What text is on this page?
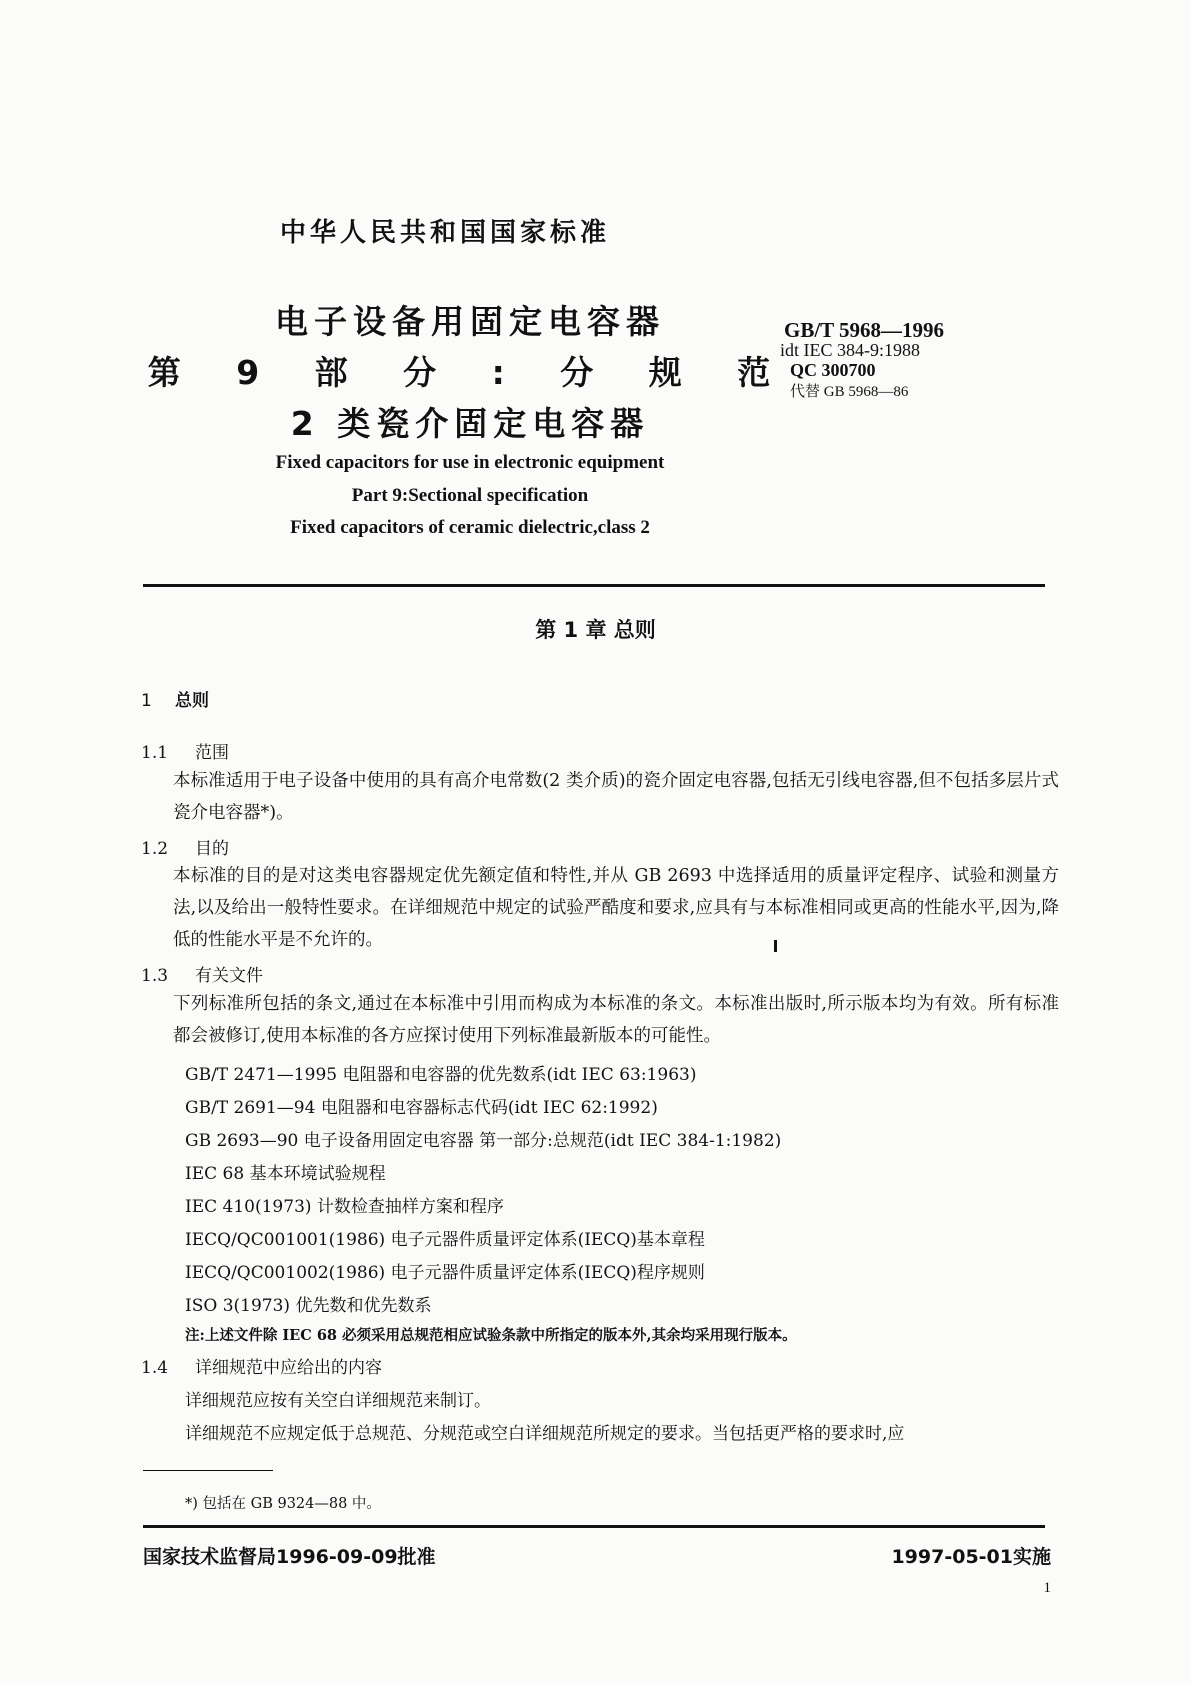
中华人民共和国国家标准
电子设备用固定电容器
第 9 部 分 : 分 规 范
2 类瓷介固定电容器
GB/T 5968—1996
idt IEC 384-9:1988
QC 300700
代替 GB 5968—86
Fixed capacitors for use in electronic equipment
Part 9:Sectional specification
Fixed capacitors of ceramic dielectric,class 2
第 1 章 总则
1 总则
1.1 范围
本标准适用于电子设备中使用的具有高介电常数(2 类介质)的瓷介固定电容器,包括无引线电容器,但不包括多层片式瓷介电容器*)。
1.2 目的
本标准的目的是对这类电容器规定优先额定值和特性,并从 GB 2693 中选择适用的质量评定程序、试验和测量方法,以及给出一般特性要求。在详细规范中规定的试验严酷度和要求,应具有与本标准相同或更高的性能水平,因为,降低的性能水平是不允许的。
1.3 有关文件
下列标准所包括的条文,通过在本标准中引用而构成为本标准的条文。本标准出版时,所示版本均为有效。所有标准都会被修订,使用本标准的各方应探讨使用下列标准最新版本的可能性。
GB/T 2471—1995 电阻器和电容器的优先数系(idt IEC 63:1963)
GB/T 2691—94 电阻器和电容器标志代码(idt IEC 62:1992)
GB 2693—90 电子设备用固定电容器 第一部分:总规范(idt IEC 384-1:1982)
IEC 68 基本环境试验规程
IEC 410(1973) 计数检查抽样方案和程序
IECQ/QC001001(1986) 电子元器件质量评定体系(IECQ)基本章程
IECQ/QC001002(1986) 电子元器件质量评定体系(IECQ)程序规则
ISO 3(1973) 优先数和优先数系
注:上述文件除 IEC 68 必须采用总规范相应试验条款中所指定的版本外,其余均采用现行版本。
1.4 详细规范中应给出的内容
详细规范应按有关空白详细规范来制订。
详细规范不应规定低于总规范、分规范或空白详细规范所规定的要求。当包括更严格的要求时,应
*) 包括在 GB 9324—88 中。
国家技术监督局1996-09-09批准	1997-05-01实施
1
